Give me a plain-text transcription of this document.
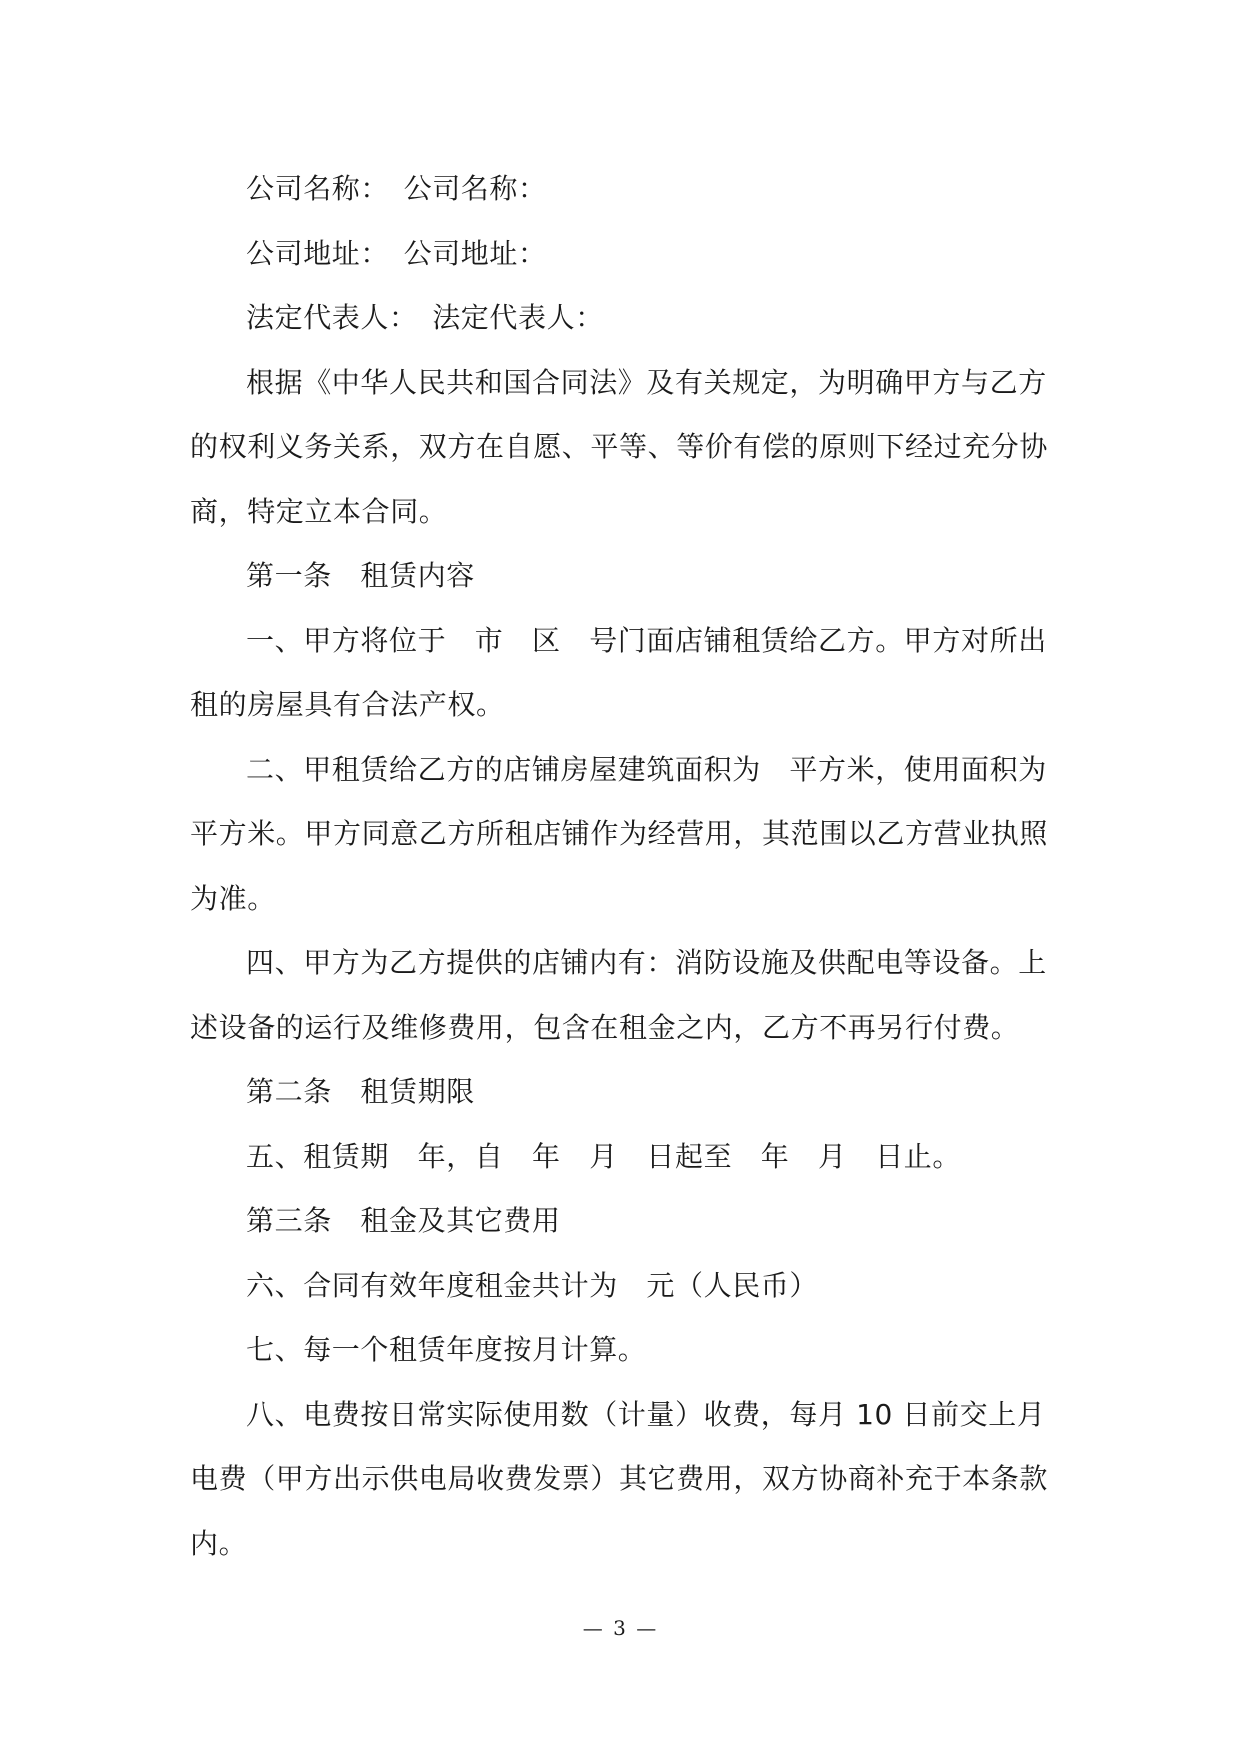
公司名称：　公司名称：

公司地址：　公司地址：

法定代表人：　法定代表人：

根据《中华人民共和国合同法》及有关规定，为明确甲方与乙方的权利义务关系，双方在自愿、平等、等价有偿的原则下经过充分协商，特定立本合同。

第一条　租赁内容

一、甲方将位于　市　区　号门面店铺租赁给乙方。甲方对所出租的房屋具有合法产权。

二、甲租赁给乙方的店铺房屋建筑面积为　平方米，使用面积为平方米。甲方同意乙方所租店铺作为经营用，其范围以乙方营业执照为准。

四、甲方为乙方提供的店铺内有：消防设施及供配电等设备。上述设备的运行及维修费用，包含在租金之内，乙方不再另行付费。

第二条　租赁期限

五、租赁期　年，自　年　月　日起至　年　月　日止。

第三条　租金及其它费用

六、合同有效年度租金共计为　元（人民币）

七、每一个租赁年度按月计算。

八、电费按日常实际使用数（计量）收费，每月 10 日前交上月电费（甲方出示供电局收费发票）其它费用，双方协商补充于本条款内。

— 3 —
